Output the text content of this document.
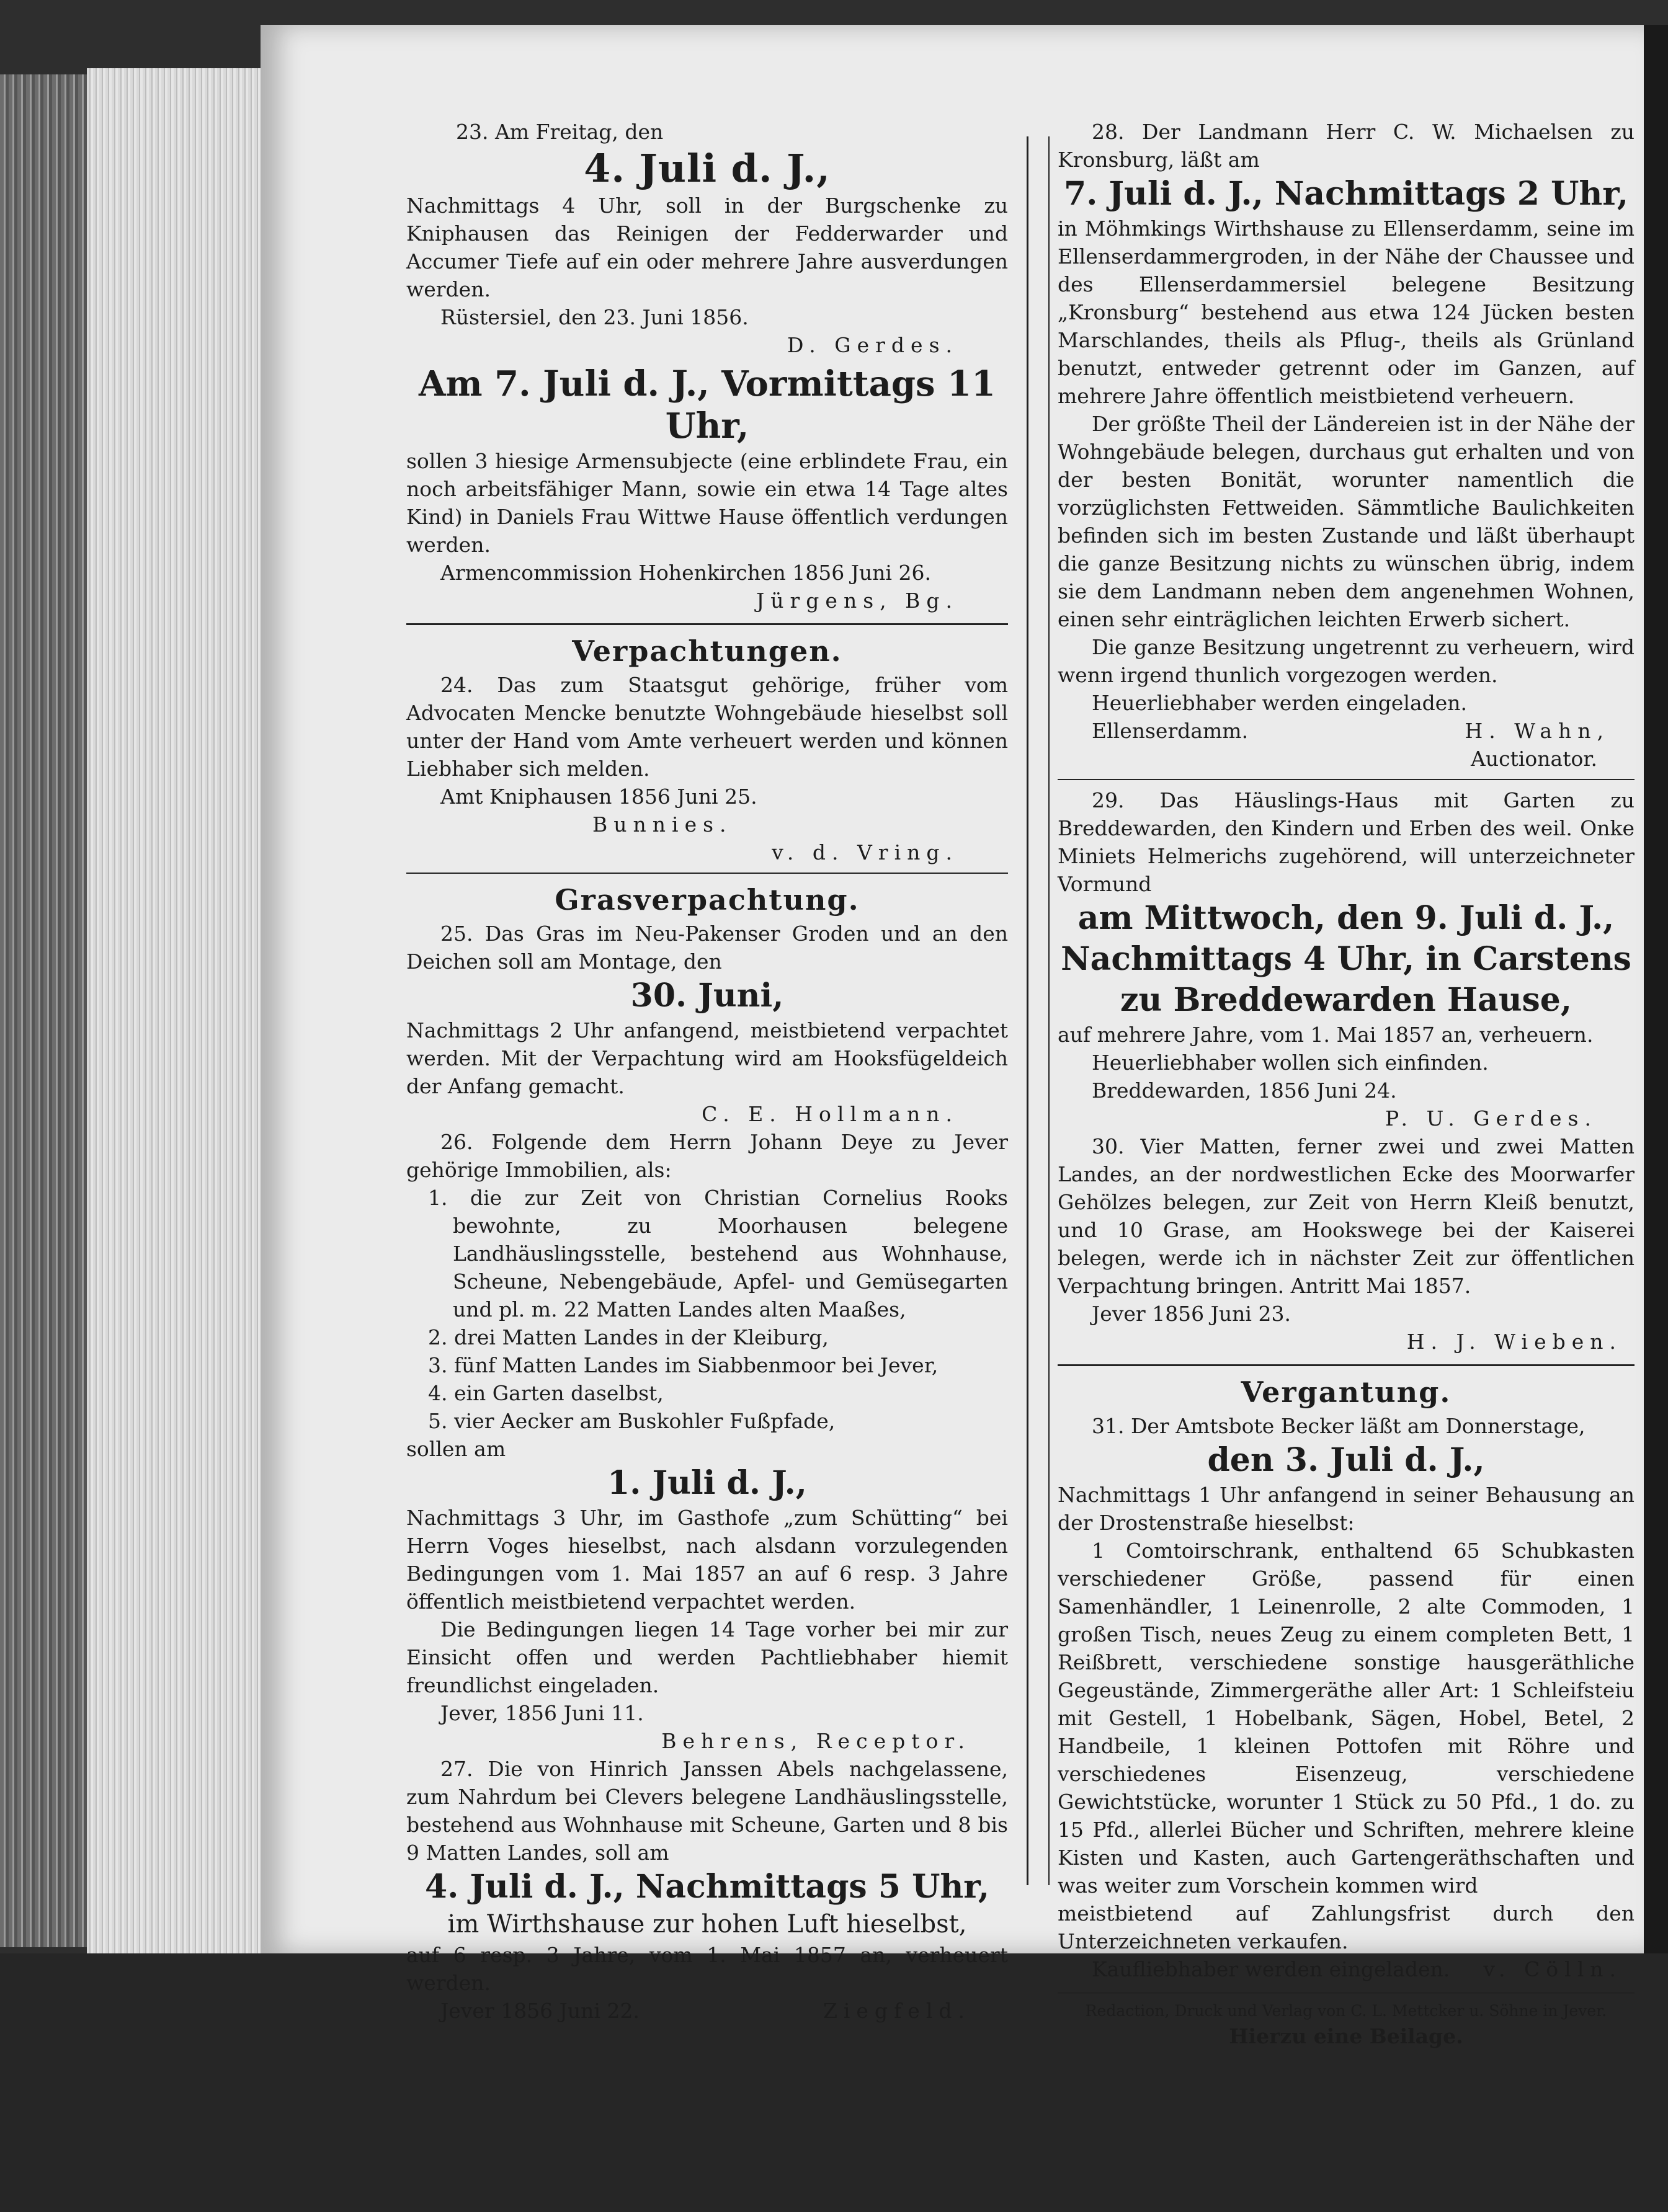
23. Am Freitag, den

4. Juli d. J.,

Nachmittags 4 Uhr, soll in der Burgschenke zu Kniphausen das Reinigen der Fedderwarder und Accumer Tiefe auf ein oder mehrere Jahre ausverdungen werden.

Rüstersiel, den 23. Juni 1856.

D. Gerdes.

Am 7. Juli d. J., Vormittags 11 Uhr,

sollen 3 hiesige Armensubjecte (eine erblindete Frau, ein noch arbeitsfähiger Mann, sowie ein etwa 14 Tage altes Kind) in Daniels Frau Wittwe Hause öffentlich verdungen werden.

Armencommission Hohenkirchen 1856 Juni 26.

Jürgens, Bg.

Verpachtungen.

24. Das zum Staatsgut gehörige, früher vom Advocaten Mencke benutzte Wohngebäude hieselbst soll unter der Hand vom Amte verheuert werden und können Liebhaber sich melden.

Amt Kniphausen 1856 Juni 25.

Bunnies.

v. d. Vring.

Grasverpachtung.

25. Das Gras im Neu-Pakenser Groden und an den Deichen soll am Montage, den

30. Juni,

Nachmittags 2 Uhr anfangend, meistbietend verpachtet werden. Mit der Verpachtung wird am Hooksfügeldeich der Anfang gemacht.

C. E. Hollmann.

26. Folgende dem Herrn Johann Deye zu Jever gehörige Immobilien, als:

1. die zur Zeit von Christian Cornelius Rooks bewohnte, zu Moorhausen belegene Landhäuslingsstelle, bestehend aus Wohnhause, Scheune, Nebengebäude, Apfel- und Gemüsegarten und pl. m. 22 Matten Landes alten Maaßes,

2. drei Matten Landes in der Kleiburg,

3. fünf Matten Landes im Siabbenmoor bei Jever,

4. ein Garten daselbst,

5. vier Aecker am Buskohler Fußpfade,

sollen am

1. Juli d. J.,

Nachmittags 3 Uhr, im Gasthofe „zum Schütting“ bei Herrn Voges hieselbst, nach alsdann vorzulegenden Bedingungen vom 1. Mai 1857 an auf 6 resp. 3 Jahre öffentlich meistbietend verpachtet werden.

Die Bedingungen liegen 14 Tage vorher bei mir zur Einsicht offen und werden Pachtliebhaber hiemit freundlichst eingeladen.

Jever, 1856 Juni 11.

Behrens, Receptor.

27. Die von Hinrich Janssen Abels nachgelassene, zum Nahrdum bei Clevers belegene Landhäuslingsstelle, bestehend aus Wohnhause mit Scheune, Garten und 8 bis 9 Matten Landes, soll am

4. Juli d. J., Nachmittags 5 Uhr,

im Wirthshause zur hohen Luft hieselbst,

auf 6 resp. 3 Jahre, vom 1. Mai 1857 an, verheuert werden.

Jever 1856 Juni 22.	Ziegfeld.

28. Der Landmann Herr C. W. Michaelsen zu Kronsburg, läßt am

7. Juli d. J., Nachmittags 2 Uhr,

in Möhmkings Wirthshause zu Ellenserdamm, seine im Ellenserdammergroden, in der Nähe der Chaussee und des Ellenserdammersiel belegene Besitzung „Kronsburg“ bestehend aus etwa 124 Jücken besten Marschlandes, theils als Pflug-, theils als Grünland benutzt, entweder getrennt oder im Ganzen, auf mehrere Jahre öffentlich meistbietend verheuern.

Der größte Theil der Ländereien ist in der Nähe der Wohngebäude belegen, durchaus gut erhalten und von der besten Bonität, worunter namentlich die vorzüglichsten Fettweiden. Sämmtliche Baulichkeiten befinden sich im besten Zustande und läßt überhaupt die ganze Besitzung nichts zu wünschen übrig, indem sie dem Landmann neben dem angenehmen Wohnen, einen sehr einträglichen leichten Erwerb sichert.

Die ganze Besitzung ungetrennt zu verheuern, wird wenn irgend thunlich vorgezogen werden.

Heuerliebhaber werden eingeladen.

Ellenserdamm.	H. Wahn,

Auctionator.

29. Das Häuslings-Haus mit Garten zu Breddewarden, den Kindern und Erben des weil. Onke Miniets Helmerichs zugehörend, will unterzeichneter Vormund

am Mittwoch, den 9. Juli d. J.,

Nachmittags 4 Uhr, in Carstens

zu Breddewarden Hause,

auf mehrere Jahre, vom 1. Mai 1857 an, verheuern.

Heuerliebhaber wollen sich einfinden.

Breddewarden, 1856 Juni 24.

P. U. Gerdes.

30. Vier Matten, ferner zwei und zwei Matten Landes, an der nordwestlichen Ecke des Moorwarfer Gehölzes belegen, zur Zeit von Herrn Kleiß benutzt, und 10 Grase, am Hookswege bei der Kaiserei belegen, werde ich in nächster Zeit zur öffentlichen Verpachtung bringen. Antritt Mai 1857.

Jever 1856 Juni 23.

H. J. Wieben.

Vergantung.

31. Der Amtsbote Becker läßt am Donnerstage,

den 3. Juli d. J.,

Nachmittags 1 Uhr anfangend in seiner Behausung an der Drostenstraße hieselbst:

1 Comtoirschrank, enthaltend 65 Schubkasten verschiedener Größe, passend für einen Samenhändler, 1 Leinenrolle, 2 alte Commoden, 1 großen Tisch, neues Zeug zu einem completen Bett, 1 Reißbrett, verschiedene sonstige hausgeräthliche Gegeustände, Zimmergeräthe aller Art: 1 Schleifsteiu mit Gestell, 1 Hobelbank, Sägen, Hobel, Betel, 2 Handbeile, 1 kleinen Pottofen mit Röhre und verschiedenes Eisenzeug, verschiedene Gewichtstücke, worunter 1 Stück zu 50 Pfd., 1 do. zu 15 Pfd., allerlei Bücher und Schriften, mehrere kleine Kisten und Kasten, auch Gartengeräthschaften und was weiter zum Vorschein kommen wird

meistbietend auf Zahlungsfrist durch den Unterzeichneten verkaufen.

Kaufliebhaber werden eingeladen.	v. Cölln.

Redaction, Druck und Verlag von C. L. Mettcker u. Söhne in Jever.

Hierzu eine Beilage.
